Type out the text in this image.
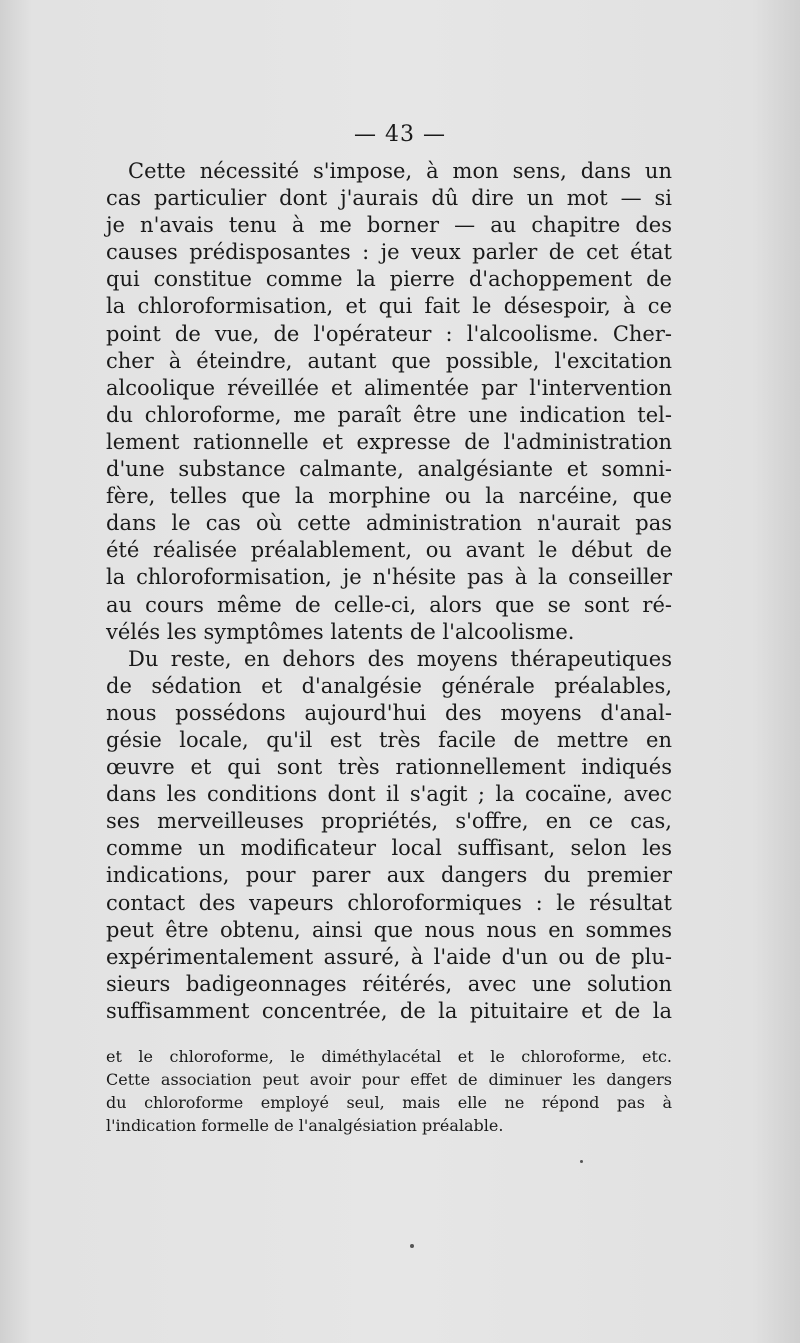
— 43 —
Cette nécessité s'impose, à mon sens, dans un
cas particulier dont j'aurais dû dire un mot — si
je n'avais tenu à me borner — au chapitre des
causes prédisposantes : je veux parler de cet état
qui constitue comme la pierre d'achoppement de
la chloroformisation, et qui fait le désespoir, à ce
point de vue, de l'opérateur : l'alcoolisme. Cher-
cher à éteindre, autant que possible, l'excitation
alcoolique réveillée et alimentée par l'intervention
du chloroforme, me paraît être une indication tel-
lement rationnelle et expresse de l'administration
d'une substance calmante, analgésiante et somni-
fère, telles que la morphine ou la narcéine, que
dans le cas où cette administration n'aurait pas
été réalisée préalablement, ou avant le début de
la chloroformisation, je n'hésite pas à la conseiller
au cours même de celle-ci, alors que se sont ré-
vélés les symptômes latents de l'alcoolisme.
Du reste, en dehors des moyens thérapeutiques
de sédation et d'analgésie générale préalables,
nous possédons aujourd'hui des moyens d'anal-
gésie locale, qu'il est très facile de mettre en
œuvre et qui sont très rationnellement indiqués
dans les conditions dont il s'agit ; la cocaïne, avec
ses merveilleuses propriétés, s'offre, en ce cas,
comme un modificateur local suffisant, selon les
indications, pour parer aux dangers du premier
contact des vapeurs chloroformiques : le résultat
peut être obtenu, ainsi que nous nous en sommes
expérimentalement assuré, à l'aide d'un ou de plu-
sieurs badigeonnages réitérés, avec une solution
suffisamment concentrée, de la pituitaire et de la
et le chloroforme, le diméthylacétal et le chloroforme, etc.
Cette association peut avoir pour effet de diminuer les dangers
du chloroforme employé seul, mais elle ne répond pas à
l'indication formelle de l'analgésiation préalable.
